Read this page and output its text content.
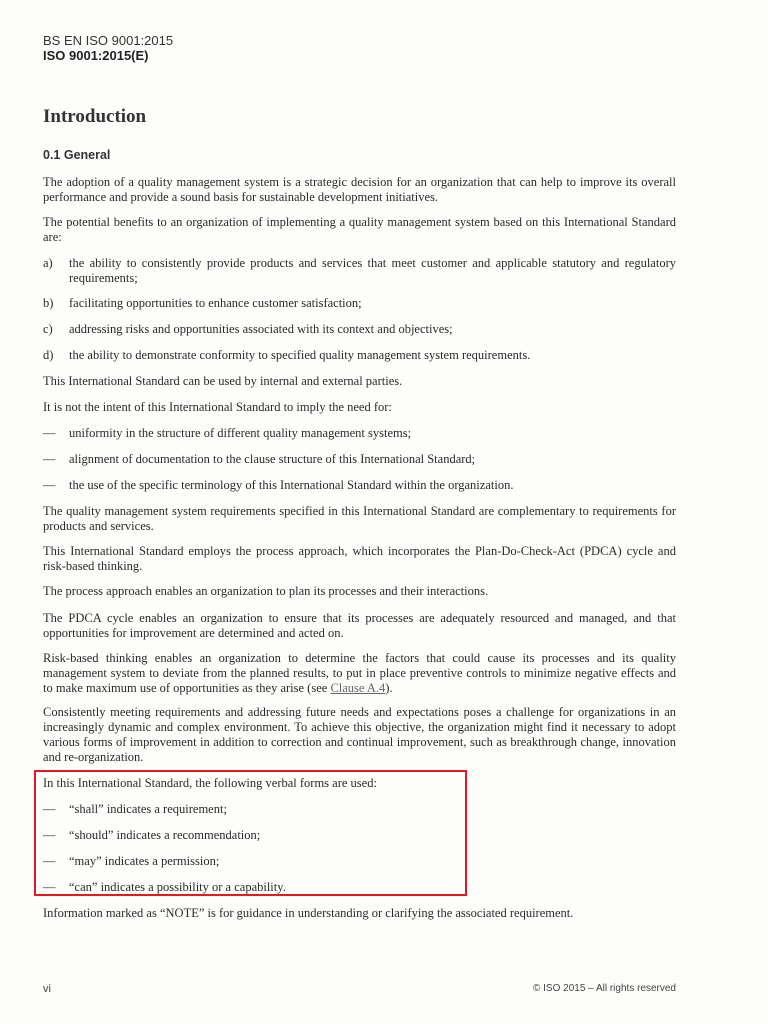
BS EN ISO 9001:2015
ISO 9001:2015(E)
Introduction
0.1 General
The adoption of a quality management system is a strategic decision for an organization that can help to improve its overall performance and provide a sound basis for sustainable development initiatives.
The potential benefits to an organization of implementing a quality management system based on this International Standard are:
a)	the ability to consistently provide products and services that meet customer and applicable statutory and regulatory requirements;
b)	facilitating opportunities to enhance customer satisfaction;
c)	addressing risks and opportunities associated with its context and objectives;
d)	the ability to demonstrate conformity to specified quality management system requirements.
This International Standard can be used by internal and external parties.
It is not the intent of this International Standard to imply the need for:
—	uniformity in the structure of different quality management systems;
—	alignment of documentation to the clause structure of this International Standard;
—	the use of the specific terminology of this International Standard within the organization.
The quality management system requirements specified in this International Standard are complementary to requirements for products and services.
This International Standard employs the process approach, which incorporates the Plan-Do-Check-Act (PDCA) cycle and risk-based thinking.
The process approach enables an organization to plan its processes and their interactions.
The PDCA cycle enables an organization to ensure that its processes are adequately resourced and managed, and that opportunities for improvement are determined and acted on.
Risk-based thinking enables an organization to determine the factors that could cause its processes and its quality management system to deviate from the planned results, to put in place preventive controls to minimize negative effects and to make maximum use of opportunities as they arise (see Clause A.4).
Consistently meeting requirements and addressing future needs and expectations poses a challenge for organizations in an increasingly dynamic and complex environment. To achieve this objective, the organization might find it necessary to adopt various forms of improvement in addition to correction and continual improvement, such as breakthrough change, innovation and re-organization.
In this International Standard, the following verbal forms are used:
—	“shall” indicates a requirement;
—	“should” indicates a recommendation;
—	“may” indicates a permission;
—	“can” indicates a possibility or a capability.
Information marked as “NOTE” is for guidance in understanding or clarifying the associated requirement.
vi	© ISO 2015 – All rights reserved
